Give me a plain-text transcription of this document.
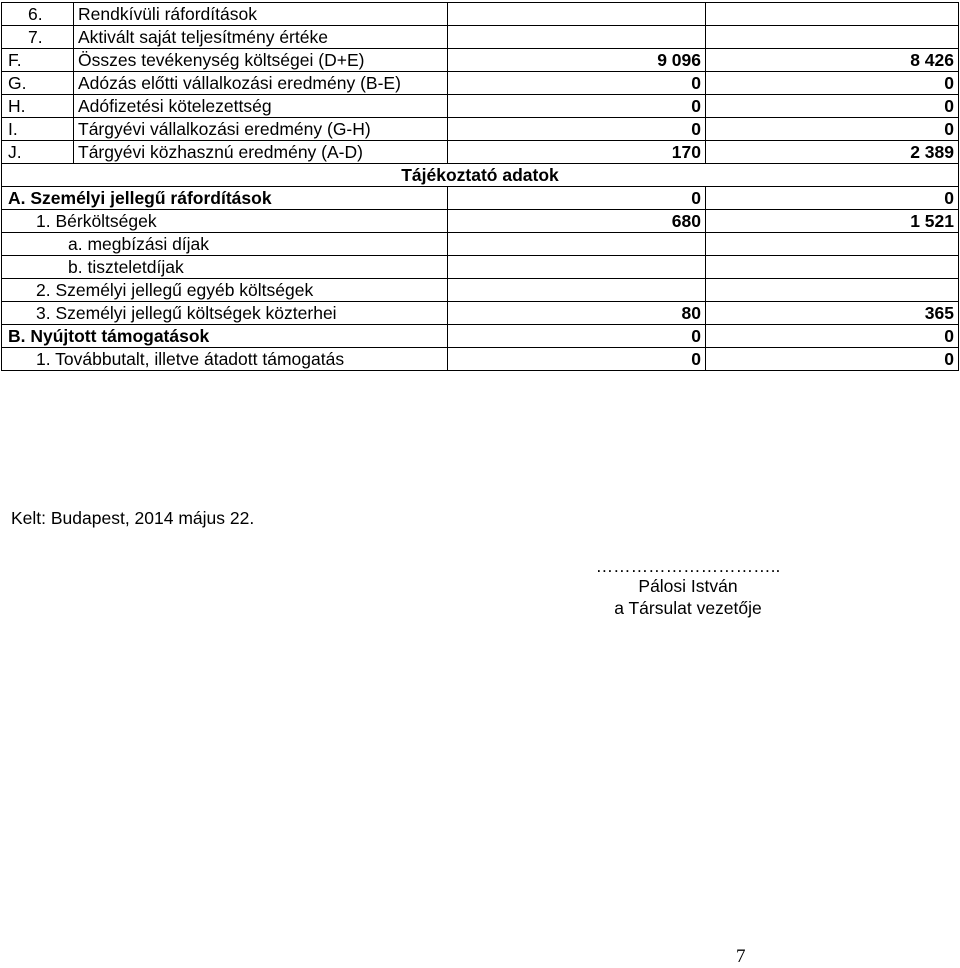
6.	Rendkívüli ráfordítások		
7.	Aktivált saját teljesítmény értéke		
F.	Összes tevékenység költségei (D+E)	9 096	8 426
G.	Adózás előtti vállalkozási eredmény (B-E)	0	0
H.	Adófizetési kötelezettség	0	0
I.	Tárgyévi vállalkozási eredmény (G-H)	0	0
J.	Tárgyévi közhasznú eredmény (A-D)	170	2 389
Tájékoztató adatok			
A. Személyi jellegű ráfordítások		0	0
1. Bérköltségek		680	1 521
a. megbízási díjak			
b. tiszteletdíjak			
2. Személyi jellegű egyéb költségek			
3. Személyi jellegű költségek közterhei		80	365
B. Nyújtott támogatások		0	0
1. Továbbutalt, illetve átadott támogatás		0	0
Kelt: Budapest, 2014 május 22.
…………………………..
Pálosi István
a Társulat vezetője
7
